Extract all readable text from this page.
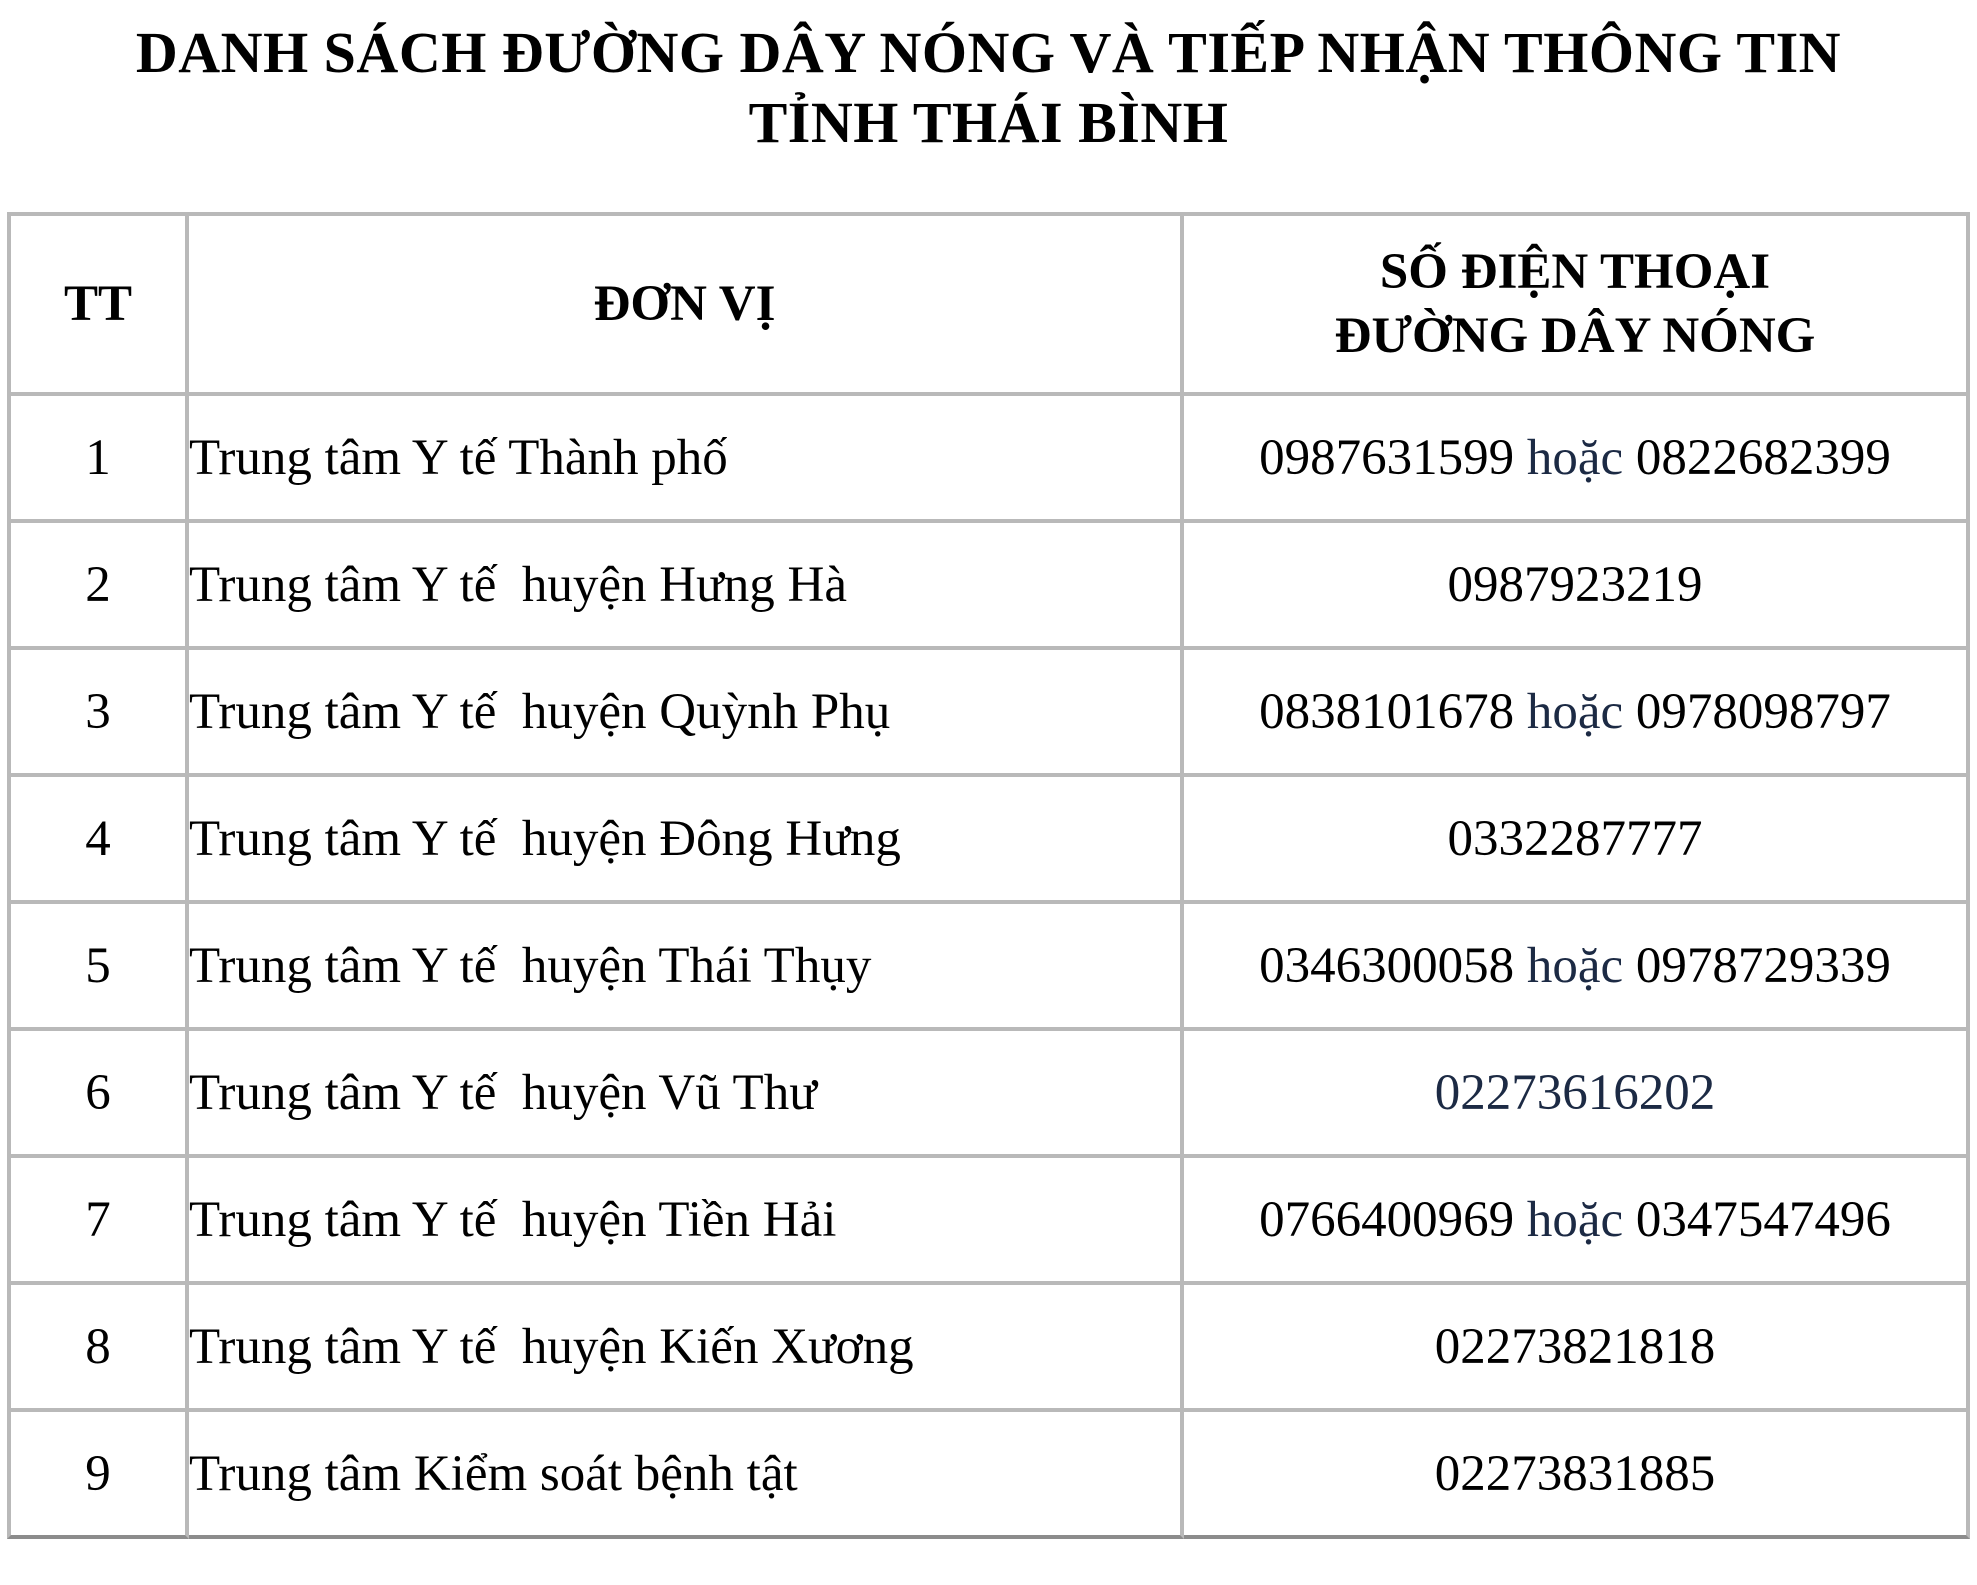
DANH SÁCH ĐƯỜNG DÂY NÓNG VÀ TIẾP NHẬN THÔNG TIN
TỈNH THÁI BÌNH
TT	ĐƠN VỊ	SỐ ĐIỆN THOẠI
ĐƯỜNG DÂY NÓNG

1	Trung tâm Y tế Thành phố	0987631599 hoặc 0822682399
2	Trung tâm Y tế  huyện Hưng Hà	0987923219
3	Trung tâm Y tế  huyện Quỳnh Phụ	0838101678 hoặc 0978098797
4	Trung tâm Y tế  huyện Đông Hưng	0332287777
5	Trung tâm Y tế  huyện Thái Thụy	0346300058 hoặc 0978729339
6	Trung tâm Y tế  huyện Vũ Thư	02273616202
7	Trung tâm Y tế  huyện Tiền Hải	0766400969 hoặc 0347547496
8	Trung tâm Y tế  huyện Kiến Xương	02273821818
9	Trung tâm Kiểm soát bệnh tật	02273831885
